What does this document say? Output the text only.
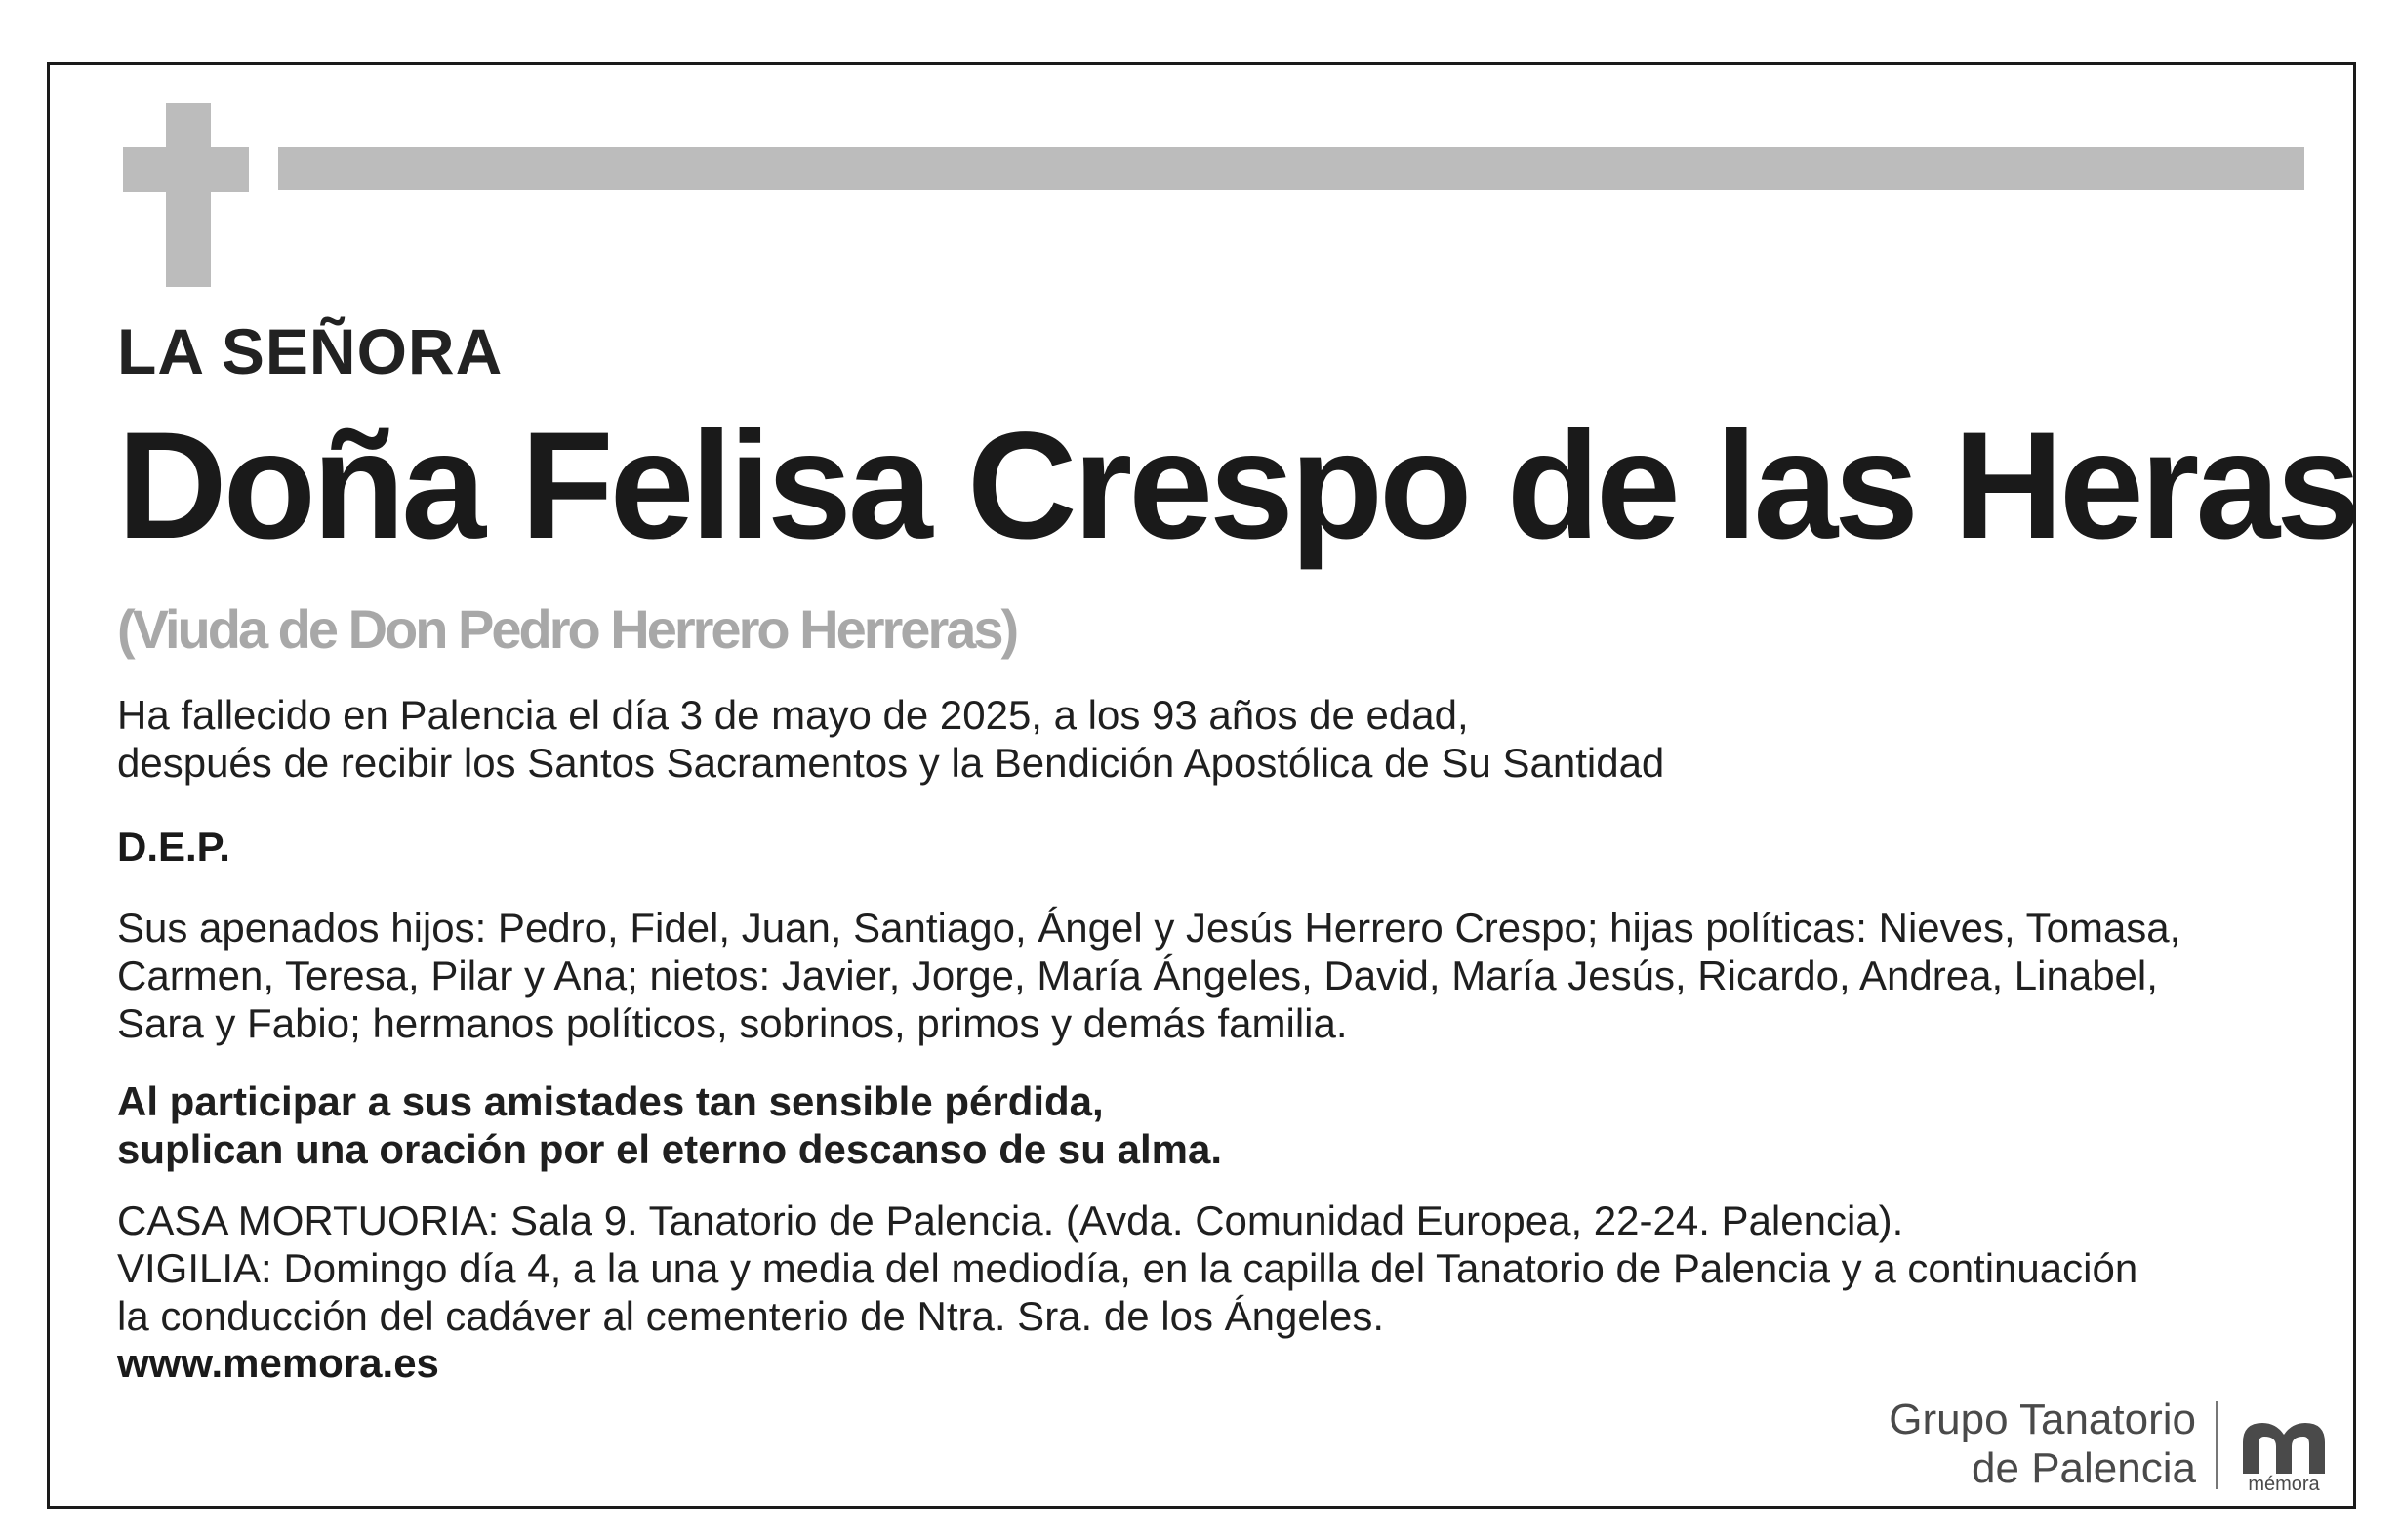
LA SEÑORA
Doña Felisa Crespo de las Heras
(Viuda de Don Pedro Herrero Herreras)
Ha fallecido en Palencia el día 3 de mayo de 2025, a los 93 años de edad,
después de recibir los Santos Sacramentos y la Bendición Apostólica de Su Santidad
D.E.P.
Sus apenados hijos: Pedro, Fidel, Juan, Santiago, Ángel y Jesús Herrero Crespo; hijas políticas: Nieves, Tomasa,
Carmen, Teresa, Pilar y Ana; nietos: Javier, Jorge, María Ángeles, David, María Jesús, Ricardo, Andrea, Linabel,
Sara y Fabio; hermanos políticos, sobrinos, primos y demás familia.
Al participar a sus amistades tan sensible pérdida,
suplican una oración por el eterno descanso de su alma.
CASA MORTUORIA: Sala 9. Tanatorio de Palencia. (Avda. Comunidad Europea, 22-24. Palencia).
VIGILIA: Domingo día 4, a la una y media del mediodía, en la capilla del Tanatorio de Palencia y a continuación
la conducción del cadáver al cementerio de Ntra. Sra. de los Ángeles.
www.memora.es
Grupo Tanatorio
de Palencia	mémora
